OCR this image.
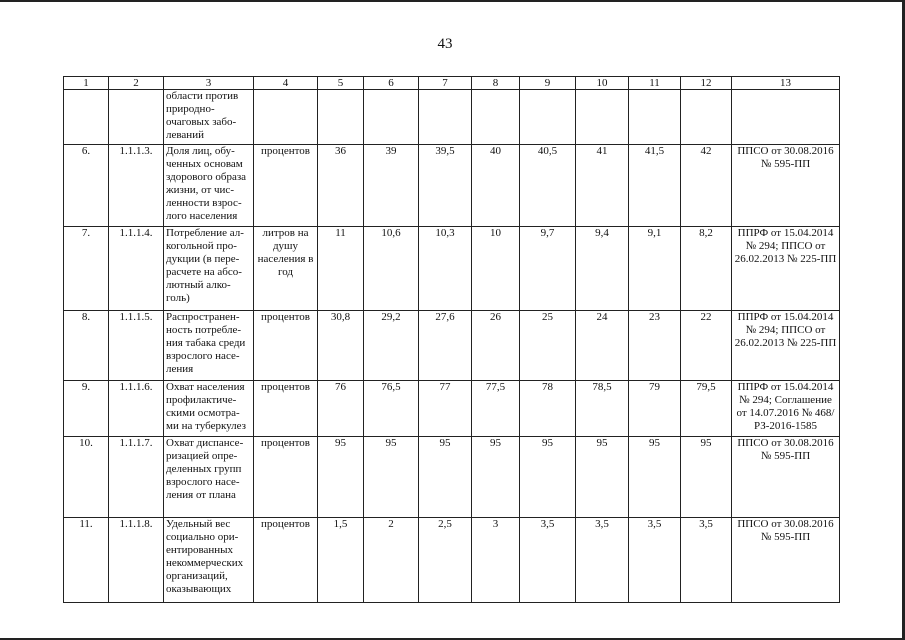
43
1	2	3	4	5	6	7	8	9	10	11	12	13
		области против природно-очаговых забо-леваний										
6.	1.1.1.3.	Доля лиц, обу-ченных основам здорового образа жизни, от чис-ленности взрос-лого населения	процентов	36	39	39,5	40	40,5	41	41,5	42	ППСО от 30.08.2016 № 595-ПП
7.	1.1.1.4.	Потребление ал-когольной про-дукции (в пере-расчете на абсо-лютный алко-голь)	литров на душу населения в год	11	10,6	10,3	10	9,7	9,4	9,1	8,2	ППРФ от 15.04.2014 № 294; ППСО от 26.02.2013 № 225-ПП
8.	1.1.1.5.	Распространен-ность потребле-ния табака среди взрослого насе-ления	процентов	30,8	29,2	27,6	26	25	24	23	22	ППРФ от 15.04.2014 № 294; ППСО от 26.02.2013 № 225-ПП
9.	1.1.1.6.	Охват населения профилактиче-скими осмотра-ми на туберкулез	процентов	76	76,5	77	77,5	78	78,5	79	79,5	ППРФ от 15.04.2014 № 294; Соглашение от 14.07.2016 № 468/РЗ-2016-1585
10.	1.1.1.7.	Охват диспансе-ризацией опре-деленных групп взрослого насе-ления от плана	процентов	95	95	95	95	95	95	95	95	ППСО от 30.08.2016 № 595-ПП
11.	1.1.1.8.	Удельный вес социально ори-ентированных некоммерческих организаций, оказывающих	процентов	1,5	2	2,5	3	3,5	3,5	3,5	3,5	ППСО от 30.08.2016 № 595-ПП
